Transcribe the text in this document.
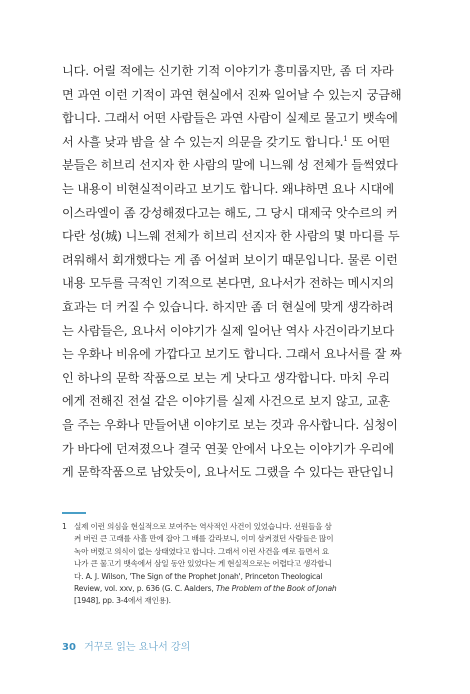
니다. 어릴 적에는 신기한 기적 이야기가 흥미롭지만, 좀 더 자라
면 과연 이런 기적이 과연 현실에서 진짜 일어날 수 있는지 궁금해
합니다. 그래서 어떤 사람들은 과연 사람이 실제로 물고기 뱃속에
서 사흘 낮과 밤을 살 수 있는지 의문을 갖기도 합니다.$^1$ 또 어떤
분들은 히브리 선지자 한 사람의 말에 니느웨 성 전체가 들썩였다
는 내용이 비현실적이라고 보기도 합니다. 왜냐하면 요나 시대에
이스라엘이 좀 강성해졌다고는 해도, 그 당시 대제국 앗수르의 커
다란 성(城) 니느웨 전체가 히브리 선지자 한 사람의 몇 마디를 두
려워해서 회개했다는 게 좀 어설퍼 보이기 때문입니다. 물론 이런
내용 모두를 극적인 기적으로 본다면, 요나서가 전하는 메시지의
효과는 더 커질 수 있습니다. 하지만 좀 더 현실에 맞게 생각하려
는 사람들은, 요나서 이야기가 실제 일어난 역사 사건이라기보다
는 우화나 비유에 가깝다고 보기도 합니다. 그래서 요나서를 잘 짜
인 하나의 문학 작품으로 보는 게 낫다고 생각합니다. 마치 우리
에게 전해진 전설 같은 이야기를 실제 사건으로 보지 않고, 교훈
을 주는 우화나 만들어낸 이야기로 보는 것과 유사합니다. 심청이
가 바다에 던져졌으나 결국 연꽃 안에서 나오는 이야기가 우리에
게 문학작품으로 남았듯이, 요나서도 그랬을 수 있다는 판단입니
1 실제 이런 의심을 현실적으로 보여주는 역사적인 사건이 있었습니다. 선원들을 삼
켜 버린 큰 고래를 사흘 만에 잡아 그 배를 갈라보니, 이미 삼켜졌던 사람들은 많이
녹아 버렸고 의식이 없는 상태였다고 합니다. 그래서 이런 사건을 예로 들면서 요
나가 큰 물고기 뱃속에서 삼일 동안 있었다는 게 현실적으로는 어렵다고 생각합니
다. A. J. Wilson, 'The Sign of the Prophet Jonah', Princeton Theological
Review, vol. xxv, p. 636 (G. C. Aalders, The Problem of the Book of Jonah
[1948], pp. 3-4에서 재인용).
30 거꾸로 읽는 요나서 강의
